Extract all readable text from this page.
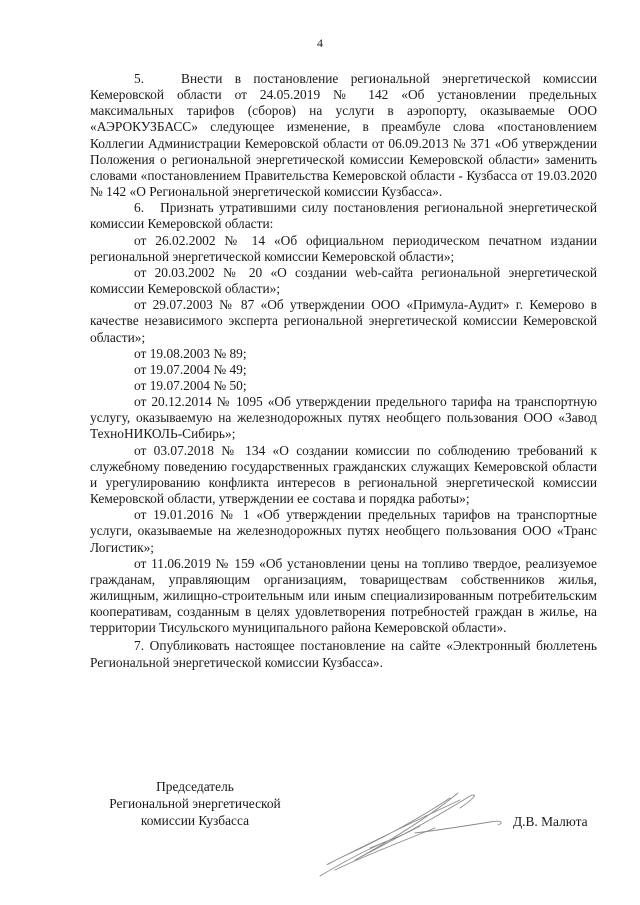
4

5.   Внести в постановление региональной энергетической комиссии Кемеровской области от 24.05.2019 № 142 «Об установлении предельных максимальных тарифов (сборов) на услуги в аэропорту, оказываемые ООО «АЭРОКУЗБАСС» следующее изменение, в преамбуле слова «постановлением Коллегии Администрации Кемеровской области от 06.09.2013 № 371 «Об утверждении Положения о региональной энергетической комиссии Кемеровской области» заменить словами «постановлением Правительства Кемеровской области - Кузбасса от 19.03.2020 № 142 «О Региональной энергетической комиссии Кузбасса».

6.   Признать утратившими силу постановления региональной энергетической комиссии Кемеровской области:

от 26.02.2002 № 14 «Об официальном периодическом печатном издании региональной энергетической комиссии Кемеровской области»;

от 20.03.2002 № 20 «О создании web-сайта региональной энергетической комиссии Кемеровской области»;

от 29.07.2003 № 87 «Об утверждении ООО «Примула-Аудит» г. Кемерово в качестве независимого эксперта региональной энергетической комиссии Кемеровской области»;

от 19.08.2003 № 89;

от 19.07.2004 № 49;

от 19.07.2004 № 50;

от 20.12.2014 № 1095 «Об утверждении предельного тарифа на транспортную услугу, оказываемую на железнодорожных путях необщего пользования ООО «Завод ТехноНИКОЛЬ-Сибирь»;

от 03.07.2018 № 134 «О создании комиссии по соблюдению требований к служебному поведению государственных гражданских служащих Кемеровской области и урегулированию конфликта интересов в региональной энергетической комиссии Кемеровской области, утверждении ее состава и порядка работы»;

от 19.01.2016 № 1 «Об утверждении предельных тарифов на транспортные услуги, оказываемые на железнодорожных путях необщего пользования ООО «Транс Логистик»;

от 11.06.2019 № 159 «Об установлении цены на топливо твердое, реализуемое гражданам, управляющим организациям, товариществам собственников жилья, жилищным, жилищно-строительным или иным специализированным потребительским кооперативам, созданным в целях удовлетворения потребностей граждан в жилье, на территории Тисульского муниципального района Кемеровской области».

7. Опубликовать настоящее постановление на сайте «Электронный бюллетень Региональной энергетической комиссии Кузбасса».

Председатель
Региональной энергетической
комиссии Кузбасса	Д.В. Малюта
